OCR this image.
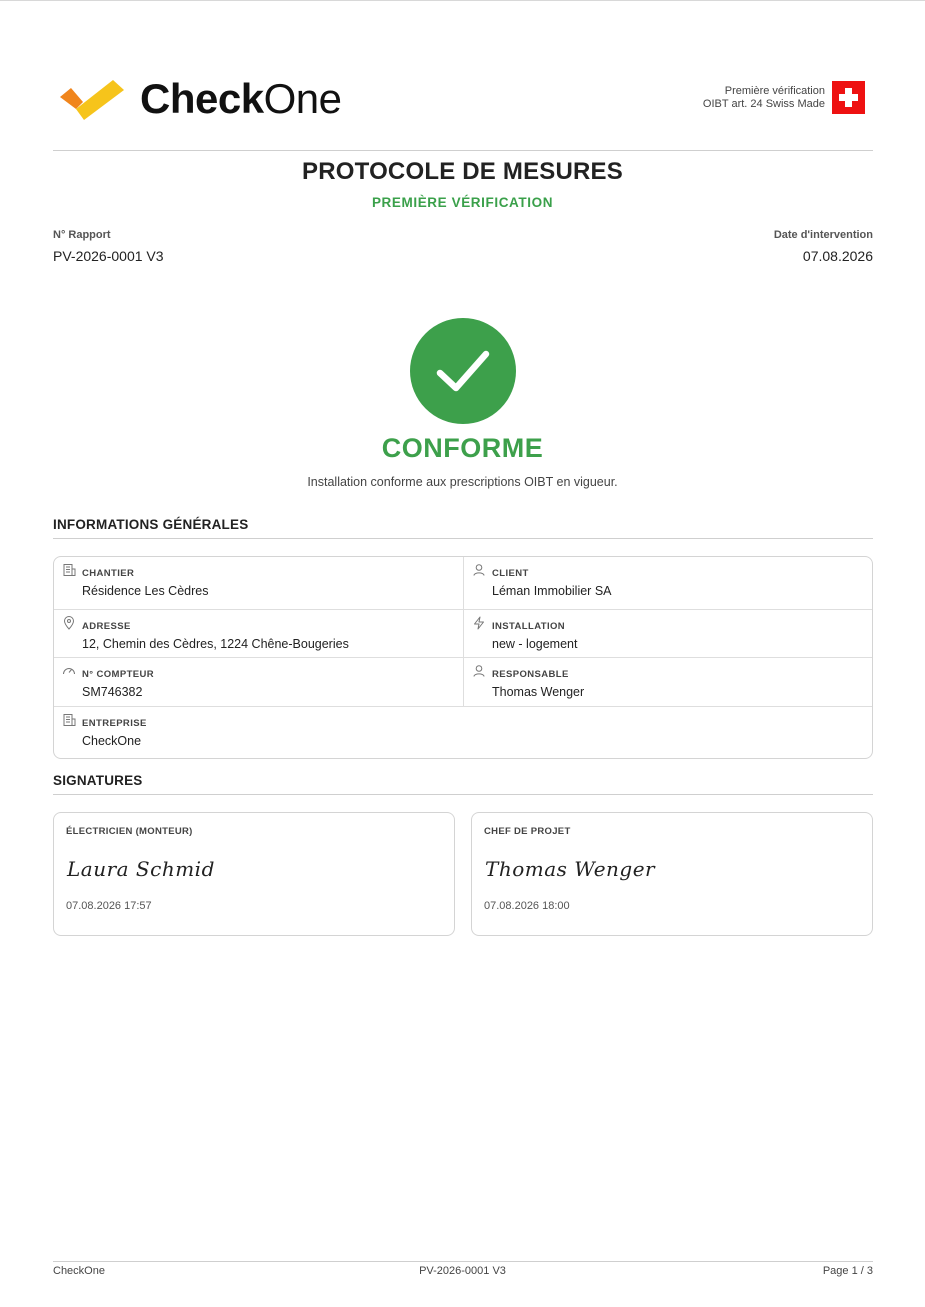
CheckOne	Première vérification
OIBT art. 24 Swiss Made
PROTOCOLE DE MESURES
PREMIÈRE VÉRIFICATION
N° Rapport
PV-2026-0001 V3
Date d'intervention
07.08.2026
CONFORME
Installation conforme aux prescriptions OIBT en vigueur.
INFORMATIONS GÉNÉRALES
CHANTIER
Résidence Les Cèdres
CLIENT
Léman Immobilier SA
ADRESSE
12, Chemin des Cèdres, 1224 Chêne-Bougeries
INSTALLATION
new - logement
N° COMPTEUR
SM746382
RESPONSABLE
Thomas Wenger
ENTREPRISE
CheckOne
SIGNATURES
ÉLECTRICIEN (MONTEUR)
Laura Schmid
07.08.2026 17:57
CHEF DE PROJET
Thomas Wenger
07.08.2026 18:00
CheckOne	PV-2026-0001 V3	Page 1 / 3
